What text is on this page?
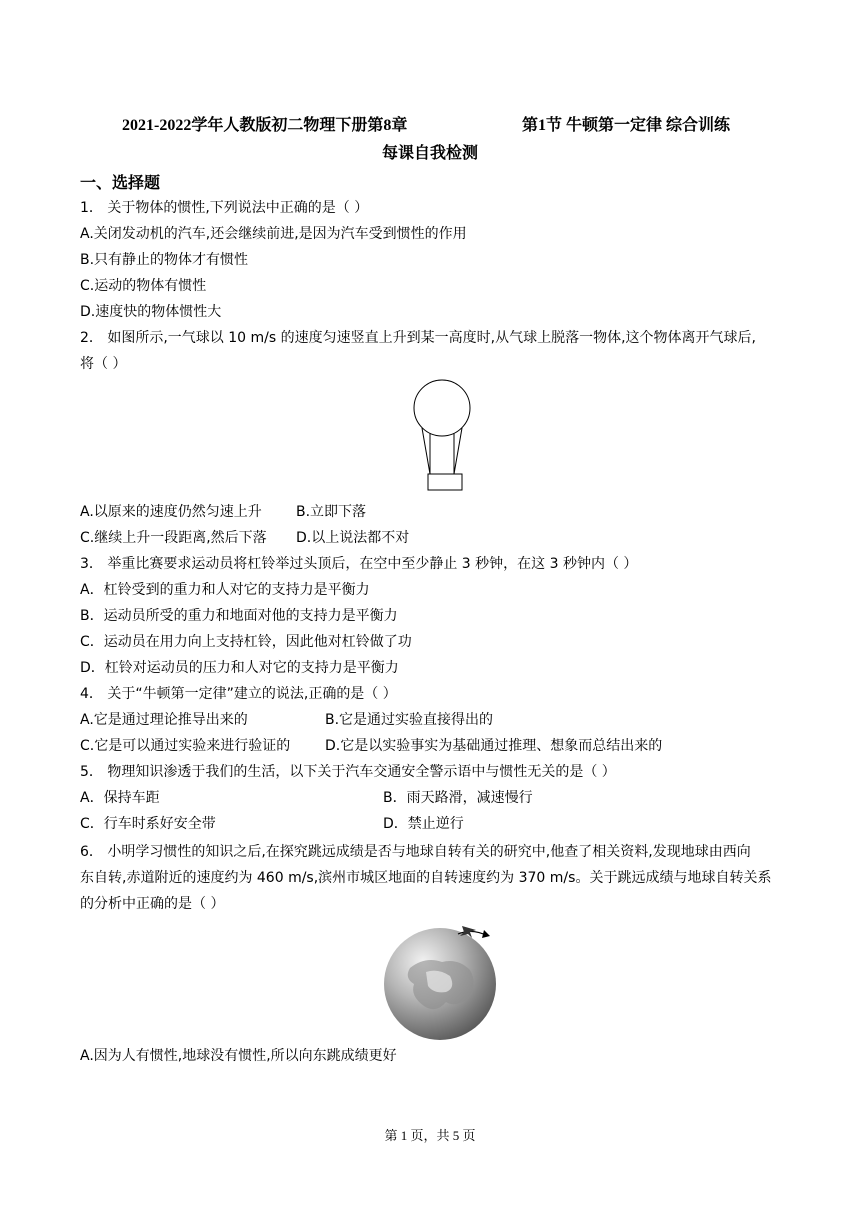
2021-2022学年人教版初二物理下册第8章	第1节 牛顿第一定律 综合训练
每课自我检测
一、选择题
1． 关于物体的惯性,下列说法中正确的是（ ）
A.关闭发动机的汽车,还会继续前进,是因为汽车受到惯性的作用
B.只有静止的物体才有惯性
C.运动的物体有惯性
D.速度快的物体惯性大
2． 如图所示,一气球以 10 m/s 的速度匀速竖直上升到某一高度时,从气球上脱落一物体,这个物体离开气球后,
将（ ）
A.以原来的速度仍然匀速上升 B.立即下落
C.继续上升一段距离,然后下落 D.以上说法都不对
3． 举重比赛要求运动员将杠铃举过头顶后，在空中至少静止 3 秒钟，在这 3 秒钟内（ ）
A．杠铃受到的重力和人对它的支持力是平衡力
B．运动员所受的重力和地面对他的支持力是平衡力
C．运动员在用力向上支持杠铃，因此他对杠铃做了功
D．杠铃对运动员的压力和人对它的支持力是平衡力
4． 关于“牛顿第一定律”建立的说法,正确的是（ ）
A.它是通过理论推导出来的	B.它是通过实验直接得出的
C.它是可以通过实验来进行验证的 D.它是以实验事实为基础通过推理、想象而总结出来的
5． 物理知识渗透于我们的生活，以下关于汽车交通安全警示语中与惯性无关的是（ ）
A．保持车距	B．雨天路滑，减速慢行
C．行车时系好安全带	D．禁止逆行
6． 小明学习惯性的知识之后,在探究跳远成绩是否与地球自转有关的研究中,他查了相关资料,发现地球由西向
东自转,赤道附近的速度约为 460 m/s,滨州市城区地面的自转速度约为 370 m/s。关于跳远成绩与地球自转关系
的分析中正确的是（ ）
A.因为人有惯性,地球没有惯性,所以向东跳成绩更好
第 1 页，共 5 页
